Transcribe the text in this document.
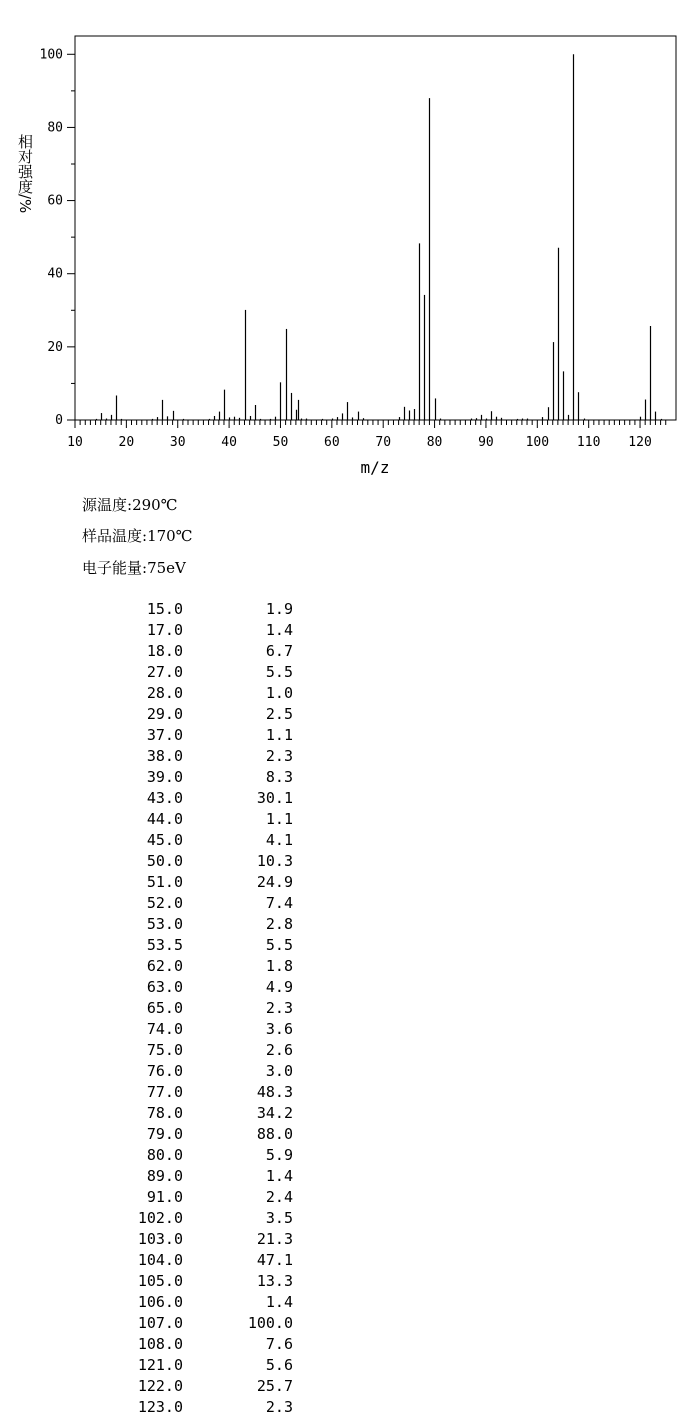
0
20
40
60
80
100
10	20	30	40	50	60	70	80	90 100 110 120
m/z
相对强度/%
源温度:290℃
样品温度:170℃
电子能量:75eV
15.0	1.9
17.0	1.4
18.0	6.7
27.0	5.5
28.0	1.0
29.0	2.5
37.0	1.1
38.0	2.3
39.0	8.3
43.0	30.1
44.0	1.1
45.0	4.1
50.0	10.3
51.0	24.9
52.0	7.4
53.0	2.8
53.5	5.5
62.0	1.8
63.0	4.9
65.0	2.3
74.0	3.6
75.0	2.6
76.0	3.0
77.0	48.3
78.0	34.2
79.0	88.0
80.0	5.9
89.0	1.4
91.0	2.4
102.0	3.5
103.0	21.3
104.0	47.1
105.0	13.3
106.0	1.4
107.0	100.0
108.0	7.6
121.0	5.6
122.0	25.7
123.0	2.3
